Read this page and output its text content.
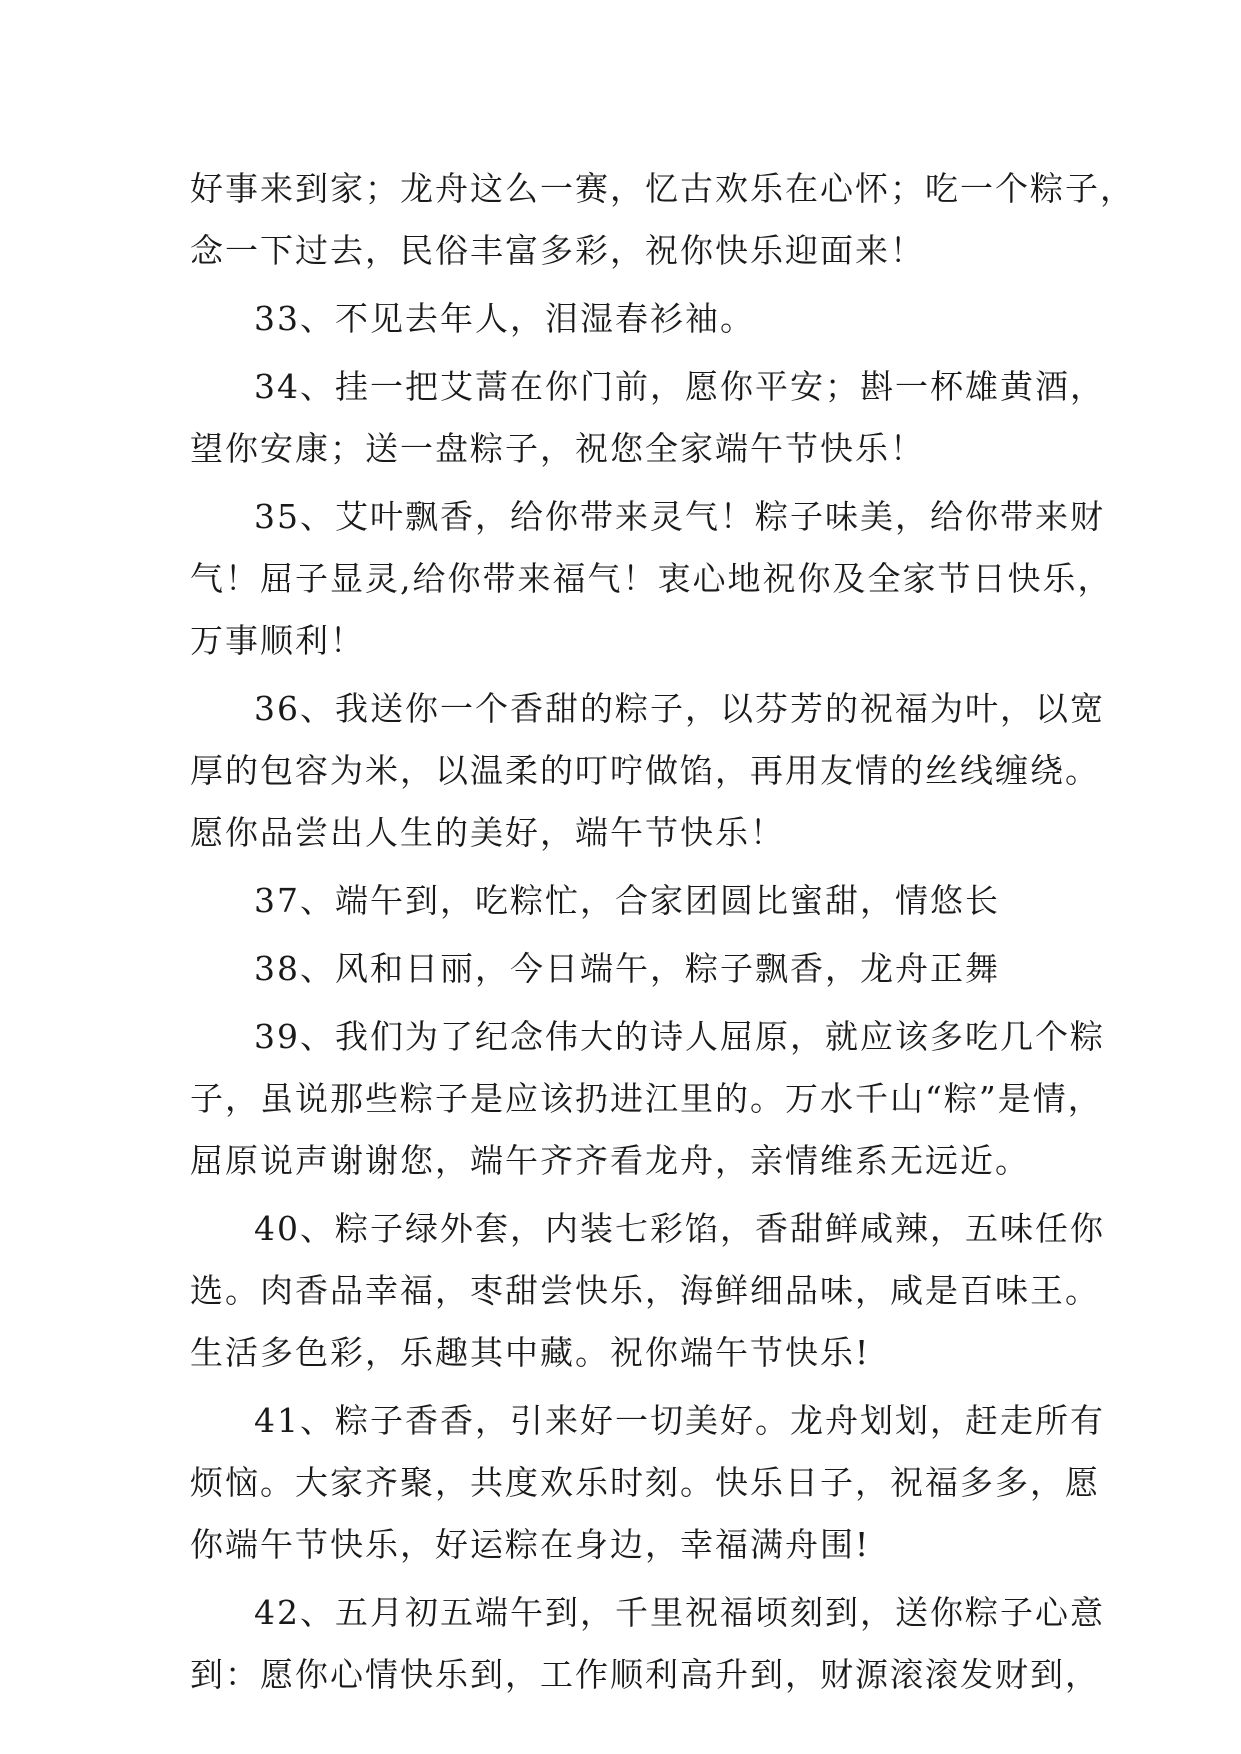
好事来到家；龙舟这么一赛，忆古欢乐在心怀；吃一个粽子，
念一下过去，民俗丰富多彩，祝你快乐迎面来！
33、不见去年人，泪湿春衫袖。
34、挂一把艾蒿在你门前，愿你平安；斟一杯雄黄酒，
望你安康；送一盘粽子，祝您全家端午节快乐！
35、艾叶飘香，给你带来灵气！粽子味美，给你带来财
气！屈子显灵,给你带来福气！衷心地祝你及全家节日快乐，
万事顺利！
36、我送你一个香甜的粽子，以芬芳的祝福为叶，以宽
厚的包容为米，以温柔的叮咛做馅，再用友情的丝线缠绕。
愿你品尝出人生的美好，端午节快乐！
37、端午到，吃粽忙，合家团圆比蜜甜，情悠长
38、风和日丽，今日端午，粽子飘香，龙舟正舞
39、我们为了纪念伟大的诗人屈原，就应该多吃几个粽
子，虽说那些粽子是应该扔进江里的。万水千山“粽”是情，
屈原说声谢谢您，端午齐齐看龙舟，亲情维系无远近。
40、粽子绿外套，内装七彩馅，香甜鲜咸辣，五味任你
选。肉香品幸福，枣甜尝快乐，海鲜细品味，咸是百味王。
生活多色彩，乐趣其中藏。祝你端午节快乐!
41、粽子香香，引来好一切美好。龙舟划划，赶走所有
烦恼。大家齐聚，共度欢乐时刻。快乐日子，祝福多多，愿
你端午节快乐，好运粽在身边，幸福满舟围!
42、五月初五端午到，千里祝福顷刻到，送你粽子心意
到：愿你心情快乐到，工作顺利高升到，财源滚滚发财到，
